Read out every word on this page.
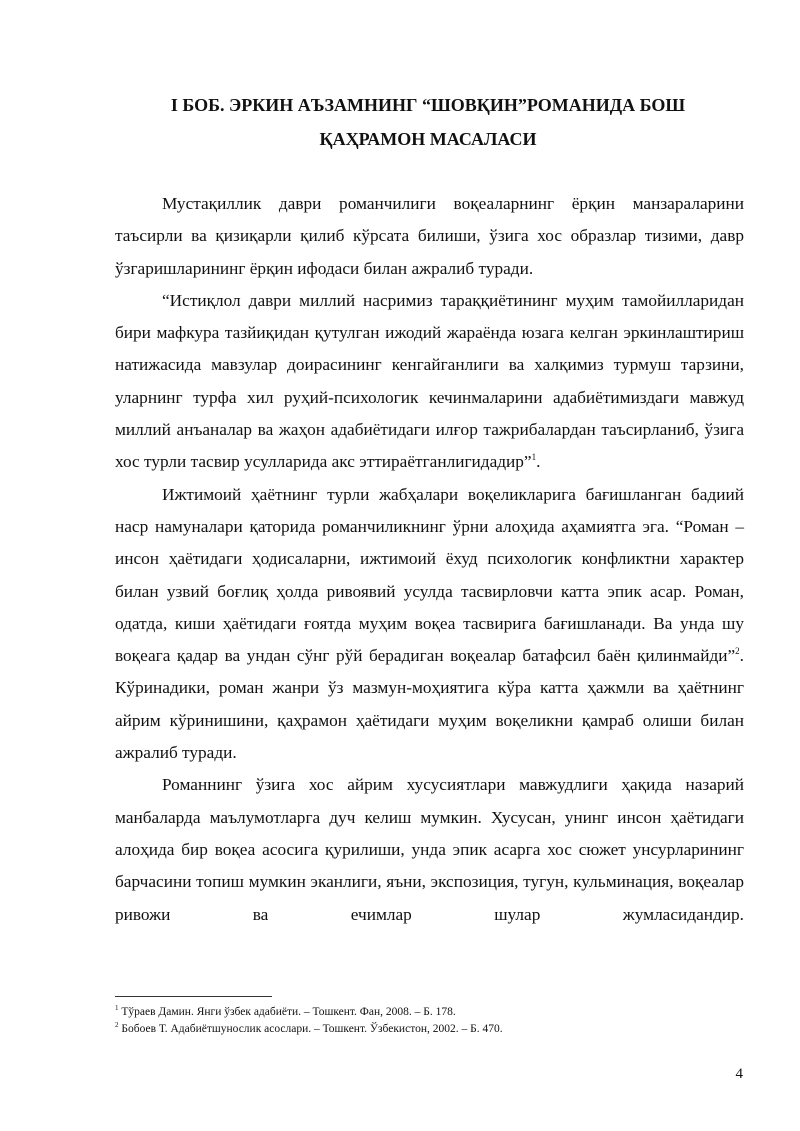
I БОБ. ЭРКИН АЪЗАМНИНГ “ШОВҚИН”РОМАНИДА БОШ
ҚАҲРАМОН МАСАЛАСИ

Мустақиллик даври романчилиги воқеаларнинг ёрқин манзараларини таъсирли ва қизиқарли қилиб кўрсата билиши, ўзига хос образлар тизими, давр ўзгаришларининг ёрқин ифодаси билан ажралиб туради.

“Истиқлол даври миллий насримиз тараққиётининг муҳим тамойилларидан бири мафкура тазйиқидан қутулган ижодий жараёнда юзага келган эркинлаштириш натижасида мавзулар доирасининг кенгайганлиги ва халқимиз турмуш тарзини, уларнинг турфа хил руҳий-психологик кечинмаларини адабиётимиздаги мавжуд миллий анъаналар ва жаҳон адабиётидаги илғор тажрибалардан таъсирланиб, ўзига хос турли тасвир усулларида акс эттираётганлигидадир”$^1$.

Ижтимоий ҳаётнинг турли жабҳалари воқеликларига бағишланган бадиий наср намуналари қаторида романчиликнинг ўрни алоҳида аҳамиятга эга. “Роман – инсон ҳаётидаги ҳодисаларни, ижтимоий ёхуд психологик конфликтни характер билан узвий боғлиқ ҳолда ривоявий усулда тасвирловчи катта эпик асар. Роман, одатда, киши ҳаётидаги ғоятда муҳим воқеа тасвирига бағишланади. Ва унда шу воқеага қадар ва ундан сўнг рўй берадиган воқеалар батафсил баён қилинмайди”$^2$. Кўринадики, роман жанри ўз мазмун-моҳиятига кўра катта ҳажмли ва ҳаётнинг айрим кўринишини, қаҳрамон ҳаётидаги муҳим воқеликни қамраб олиши билан ажралиб туради.

Романнинг ўзига хос айрим хусусиятлари мавжудлиги ҳақида назарий манбаларда маълумотларга дуч келиш мумкин. Хусусан, унинг инсон ҳаётидаги алоҳида бир воқеа асосига қурилиши, унда эпик асарга хос сюжет унсурларининг барчасини топиш мумкин эканлиги, яъни, экспозиция, тугун, кульминация, воқеалар ривожи ва ечимлар шулар жумласидандир.

$^1$ Тўраев Дамин. Янги ўзбек адабиёти. – Тошкент. Фан, 2008. – Б. 178.
$^2$ Бобоев Т. Адабиётшунослик асослари. – Тошкент. Ўзбекистон, 2002. – Б. 470.
4
